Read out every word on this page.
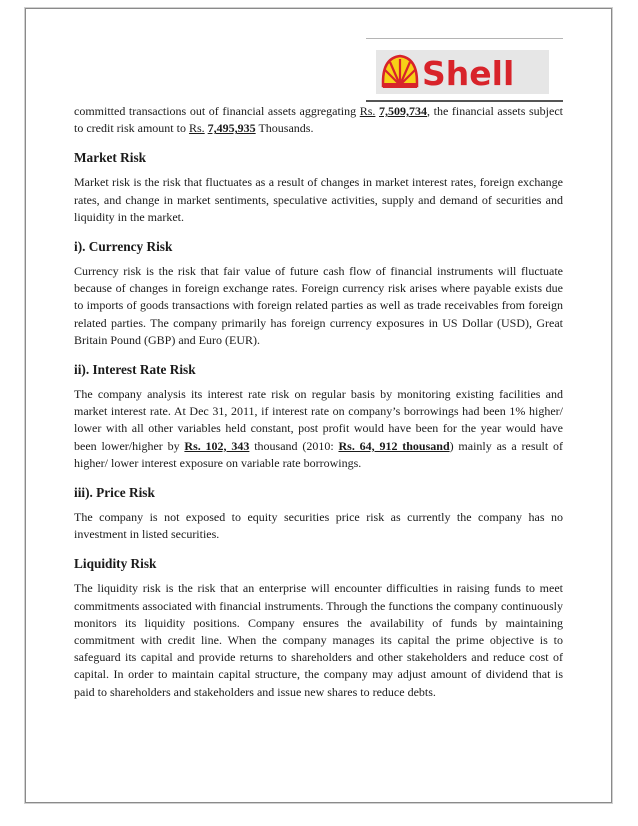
Shell

committed transactions out of financial assets aggregating Rs. 7,509,734, the financial assets subject to credit risk amount to Rs. 7,495,935 Thousands.

Market Risk

Market risk is the risk that fluctuates as a result of changes in market interest rates, foreign exchange rates, and change in market sentiments, speculative activities, supply and demand of securities and liquidity in the market.

i). Currency Risk

Currency risk is the risk that fair value of future cash flow of financial instruments will fluctuate because of changes in foreign exchange rates. Foreign currency risk arises where payable exists due to imports of goods transactions with foreign related parties as well as trade receivables from foreign related parties. The company primarily has foreign currency exposures in US Dollar (USD), Great Britain Pound (GBP) and Euro (EUR).

ii). Interest Rate Risk

The company analysis its interest rate risk on regular basis by monitoring existing facilities and market interest rate. At Dec 31, 2011, if interest rate on company’s borrowings had been 1% higher/ lower with all other variables held constant, post profit would have been for the year would have been lower/higher by Rs. 102, 343 thousand (2010: Rs. 64, 912 thousand) mainly as a result of higher/ lower interest exposure on variable rate borrowings.

iii). Price Risk

The company is not exposed to equity securities price risk as currently the company has no investment in listed securities.

Liquidity Risk

The liquidity risk is the risk that an enterprise will encounter difficulties in raising funds to meet commitments associated with financial instruments. Through the functions the company continuously monitors its liquidity positions. Company ensures the availability of funds by maintaining commitment with credit line. When the company manages its capital the prime objective is to safeguard its capital and provide returns to shareholders and other stakeholders and reduce cost of capital. In order to maintain capital structure, the company may adjust amount of dividend that is paid to shareholders and stakeholders and issue new shares to reduce debts.
